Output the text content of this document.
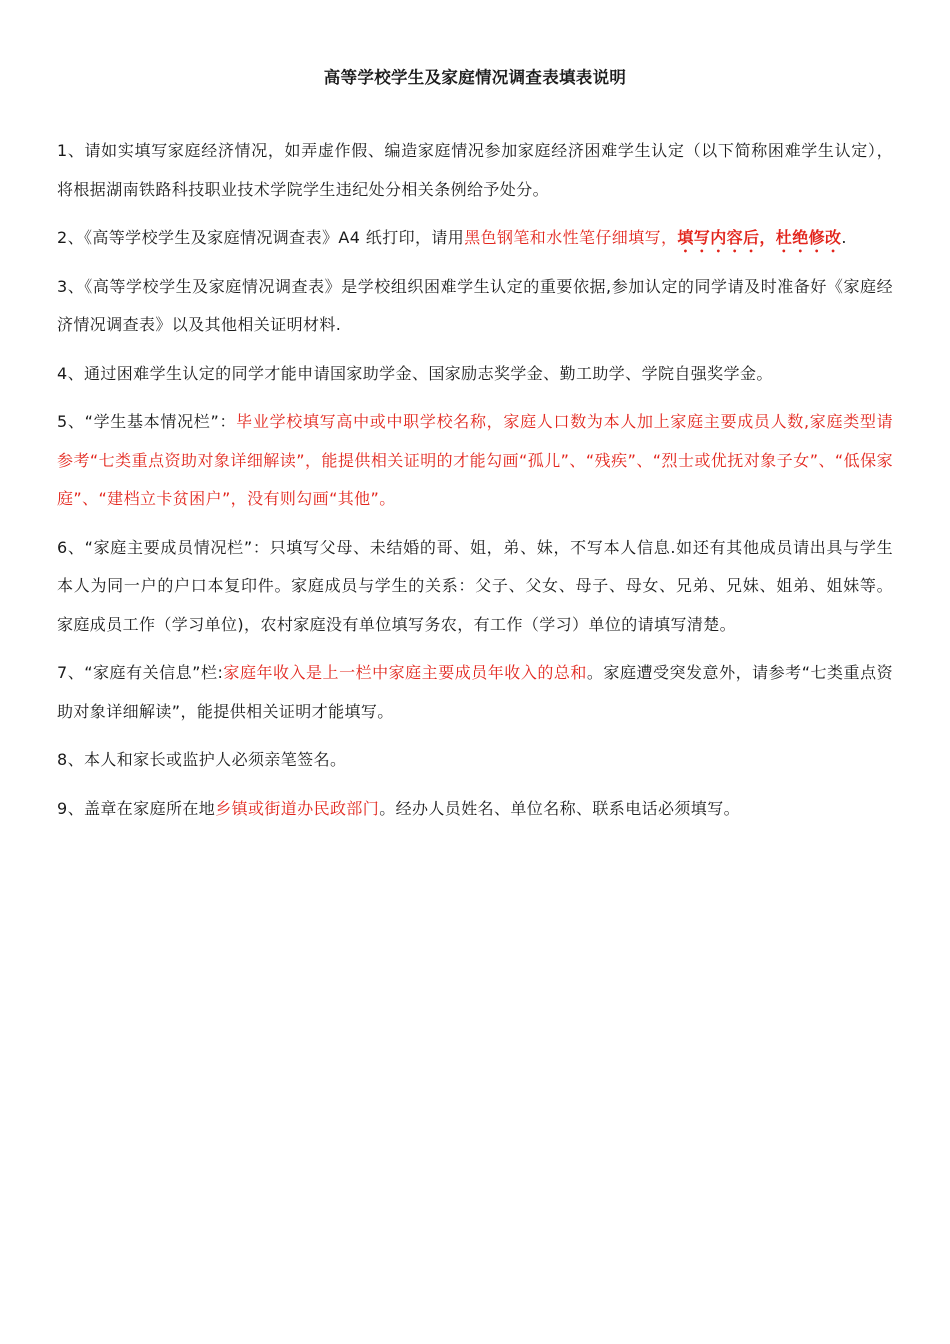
高等学校学生及家庭情况调查表填表说明

1、请如实填写家庭经济情况，如弄虚作假、编造家庭情况参加家庭经济困难学生认定（以下简称困难学生认定），将根据湖南铁路科技职业技术学院学生违纪处分相关条例给予处分。

2、《高等学校学生及家庭情况调查表》A4 纸打印，请用黑色钢笔和水性笔仔细填写，填写内容后，杜绝修改.

3、《高等学校学生及家庭情况调查表》是学校组织困难学生认定的重要依据,参加认定的同学请及时准备好《家庭经济情况调查表》以及其他相关证明材料.

4、通过困难学生认定的同学才能申请国家助学金、国家励志奖学金、勤工助学、学院自强奖学金。

5、“学生基本情况栏”：毕业学校填写高中或中职学校名称，家庭人口数为本人加上家庭主要成员人数,家庭类型请参考“七类重点资助对象详细解读”，能提供相关证明的才能勾画“孤儿”、“残疾”、“烈士或优抚对象子女”、“低保家庭”、“建档立卡贫困户”，没有则勾画“其他”。

6、“家庭主要成员情况栏”：只填写父母、未结婚的哥、姐，弟、妹，不写本人信息.如还有其他成员请出具与学生本人为同一户的户口本复印件。家庭成员与学生的关系：父子、父女、母子、母女、兄弟、兄妹、姐弟、姐妹等。家庭成员工作（学习单位)，农村家庭没有单位填写务农，有工作（学习）单位的请填写清楚。

7、“家庭有关信息”栏:家庭年收入是上一栏中家庭主要成员年收入的总和。家庭遭受突发意外，请参考“七类重点资助对象详细解读”，能提供相关证明才能填写。

8、本人和家长或监护人必须亲笔签名。

9、盖章在家庭所在地乡镇或街道办民政部门。经办人员姓名、单位名称、联系电话必须填写。
